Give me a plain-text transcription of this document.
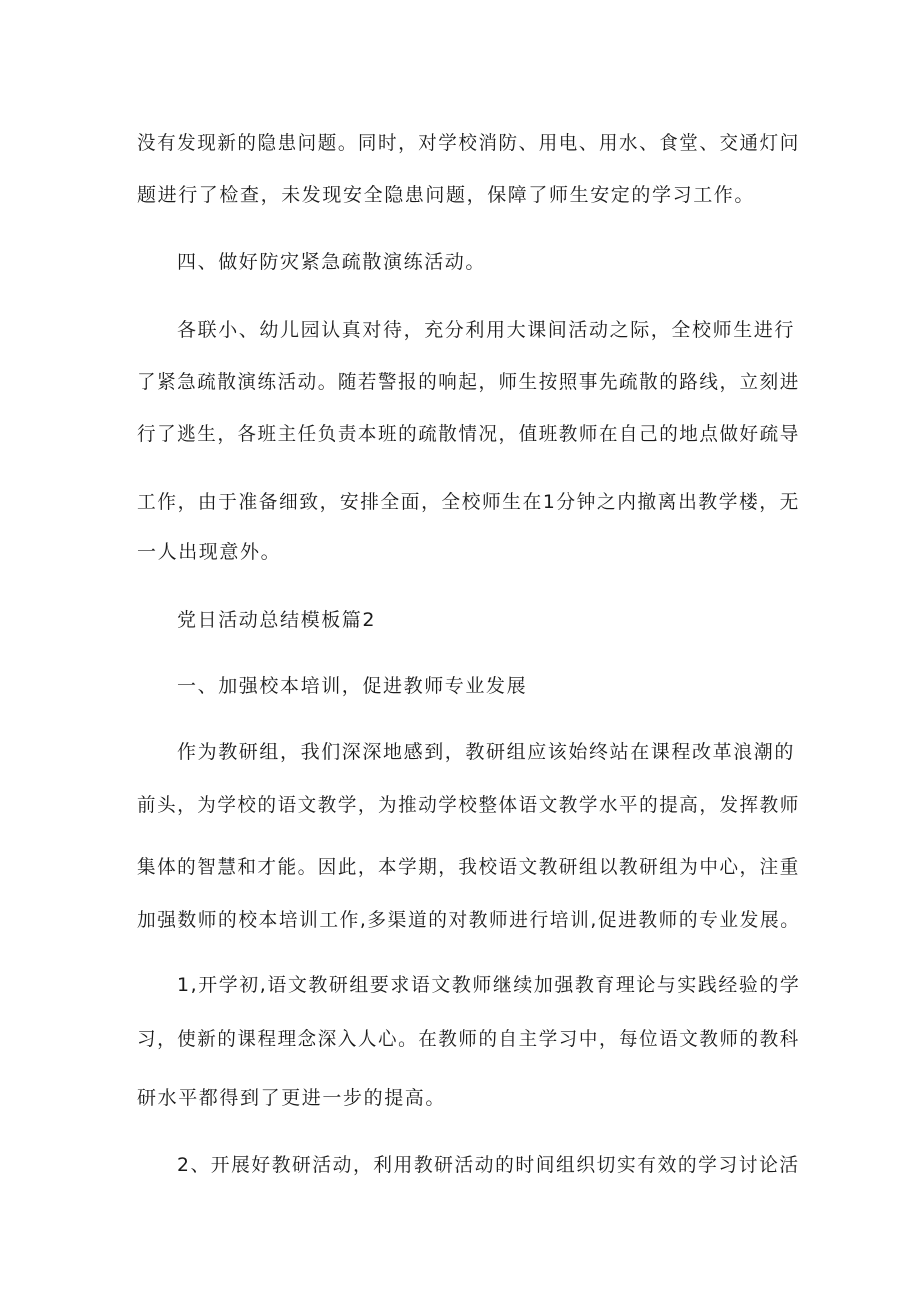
没有发现新的隐患问题。同时，对学校消防、用电、用水、食堂、交通灯问
题进行了检查，未发现安全隐患问题，保障了师生安定的学习工作。
四、做好防灾紧急疏散演练活动。
各联小、幼儿园认真对待，充分利用大课间活动之际，全校师生进行
了紧急疏散演练活动。随若警报的响起，师生按照事先疏散的路线，立刻进
行了逃生，各班主任负责本班的疏散情况，值班教师在自己的地点做好疏导
工作，由于准备细致，安排全面，全校师生在1分钟之内撤离出教学楼，无
一人出现意外。
党日活动总结模板篇2
一、加强校本培训，促进教师专业发展
作为教研组，我们深深地感到，教研组应该始终站在课程改革浪潮的
前头，为学校的语文教学，为推动学校整体语文教学水平的提高，发挥教师
集体的智慧和才能。因此，本学期，我校语文教研组以教研组为中心，注重
加强数师的校本培训工作,多渠道的对教师进行培训,促进教师的专业发展。
1,开学初,语文教研组要求语文教师继续加强教育理论与实践经验的学
习，使新的课程理念深入人心。在教师的自主学习中，每位语文教师的教科
研水平都得到了更进一步的提高。
2、开展好教研活动，利用教研活动的时间组织切实有效的学习讨论活
